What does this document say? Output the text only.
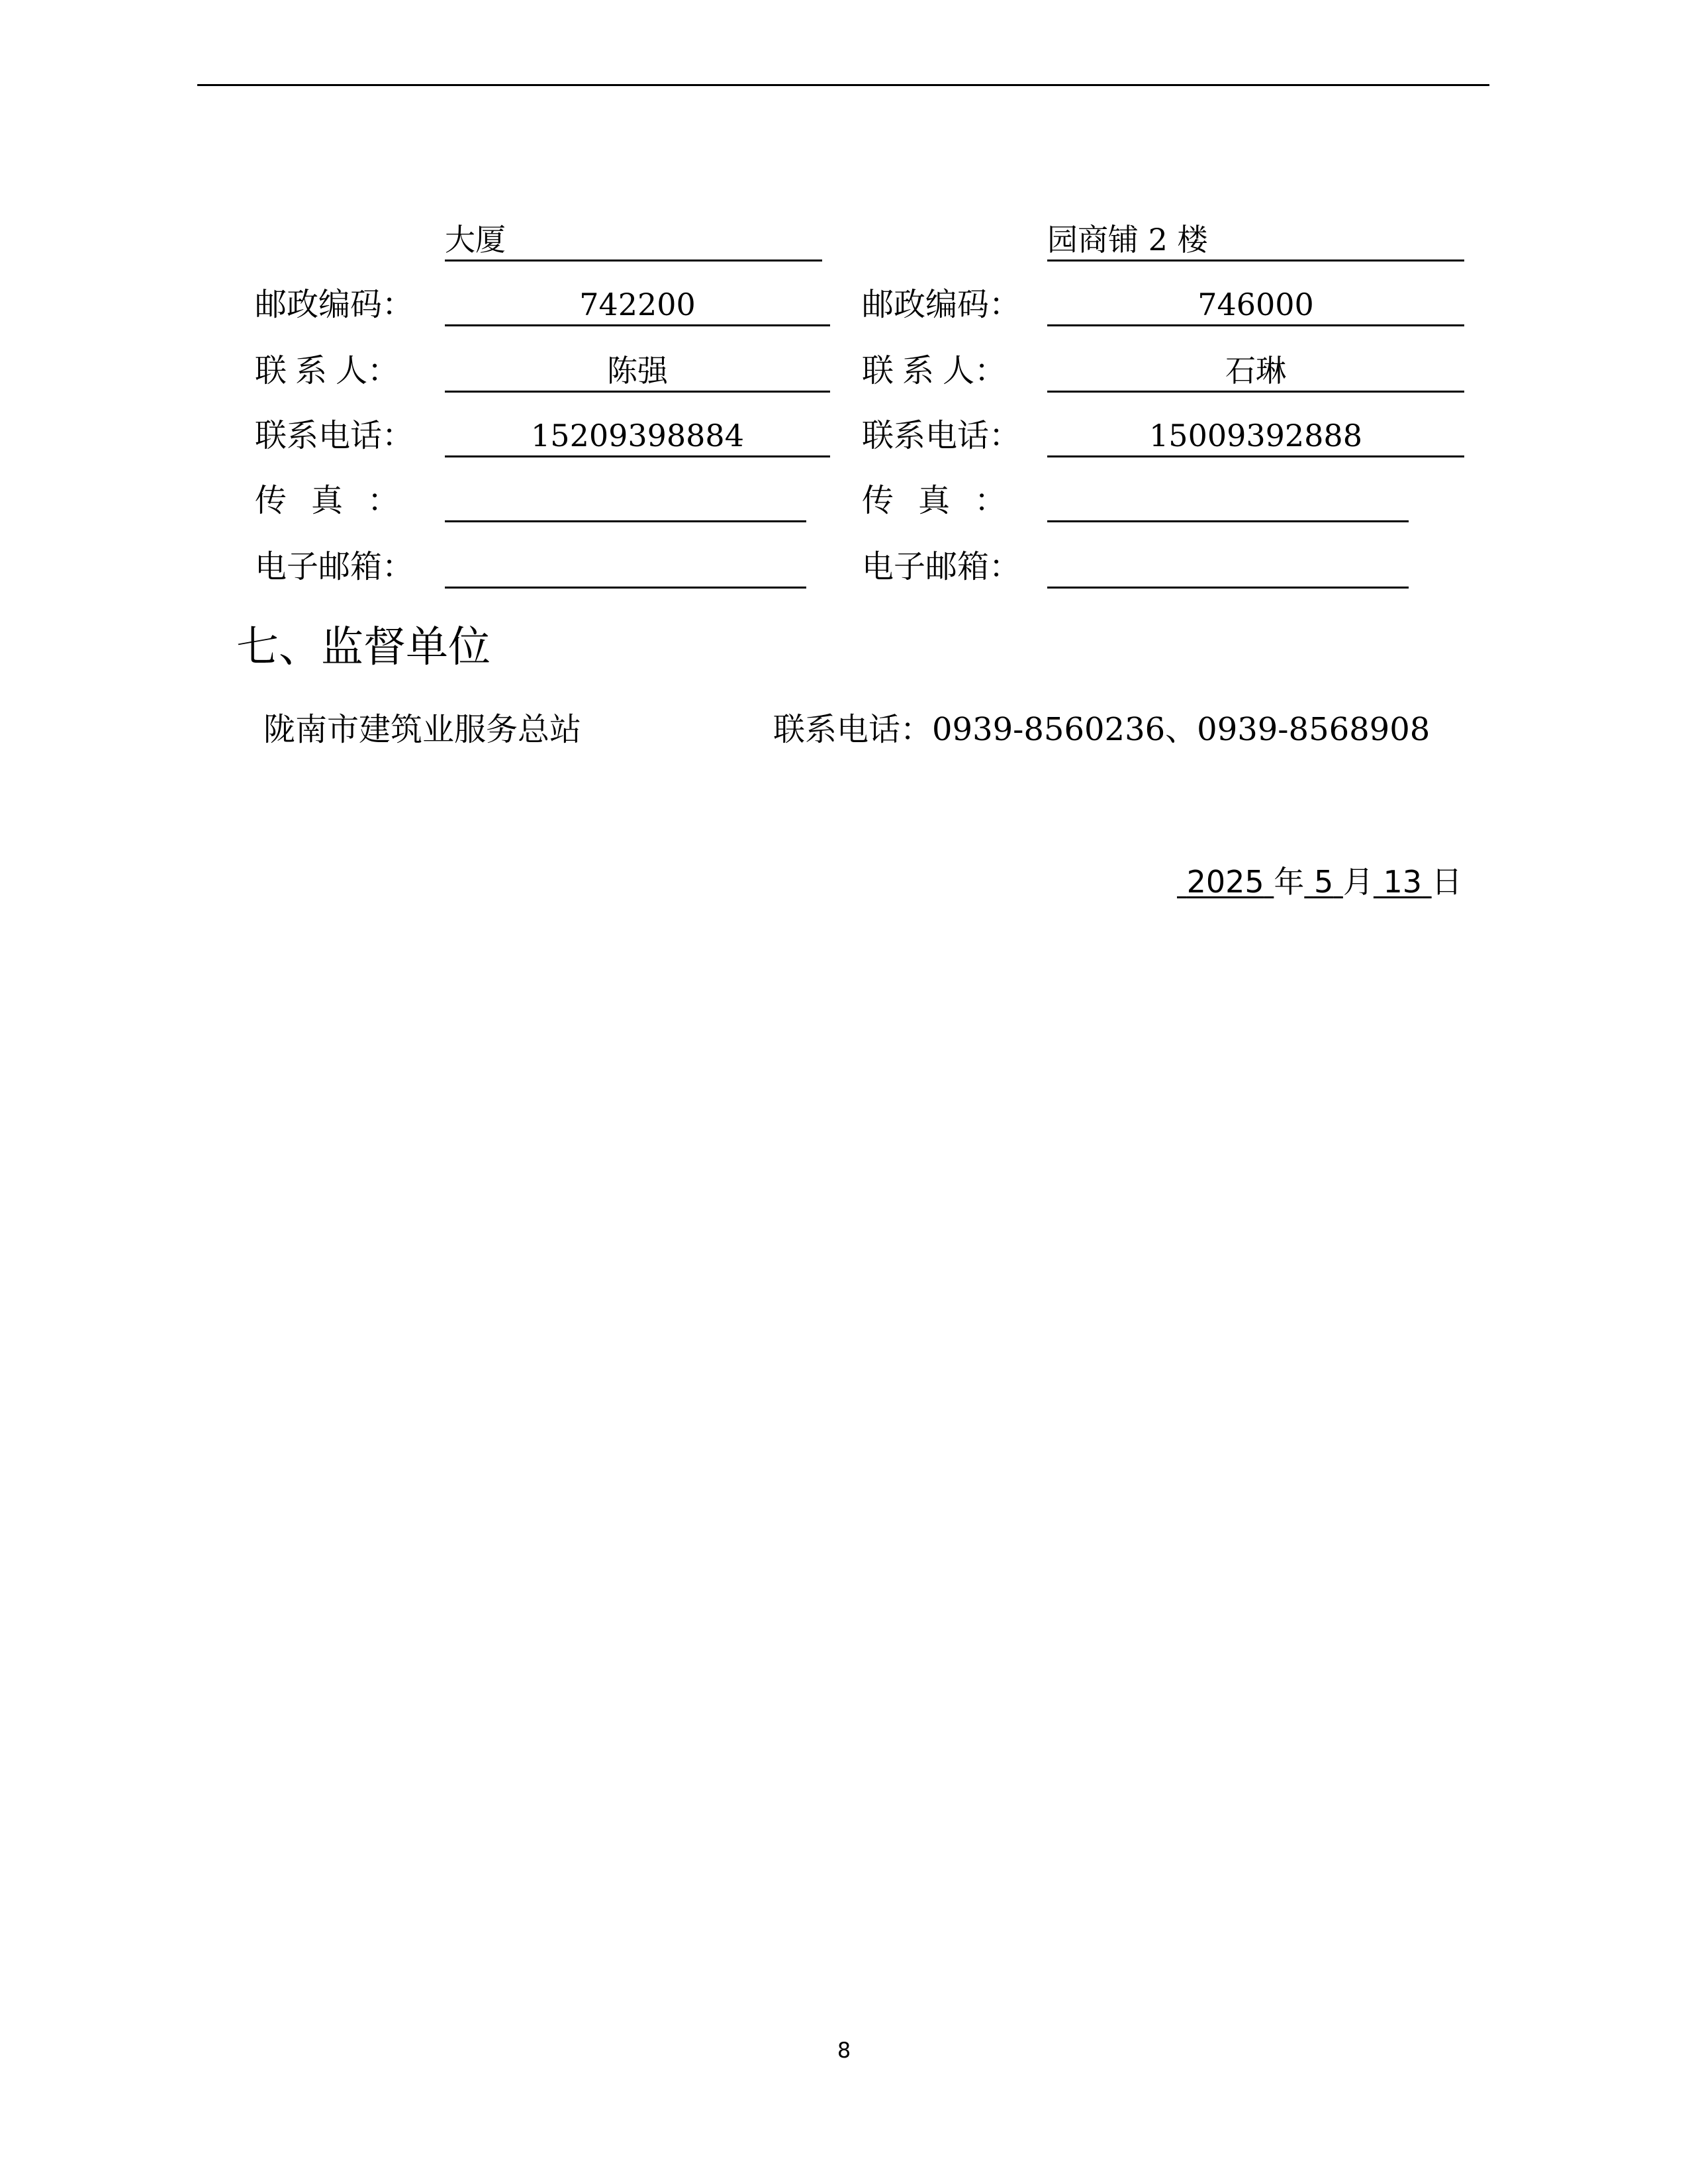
大厦	园商铺 2 楼
邮政编码：	742200	邮政编码：	746000
联 系 人：	陈强	联 系 人：	石琳
联系电话：	15209398884	联系电话：	15009392888
传 真 ：	传 真 ：
电子邮箱：	电子邮箱：
七、监督单位
陇南市建筑业服务总站	联系电话：0939-8560236、0939-8568908
2025 年 5 月 13 日
8
